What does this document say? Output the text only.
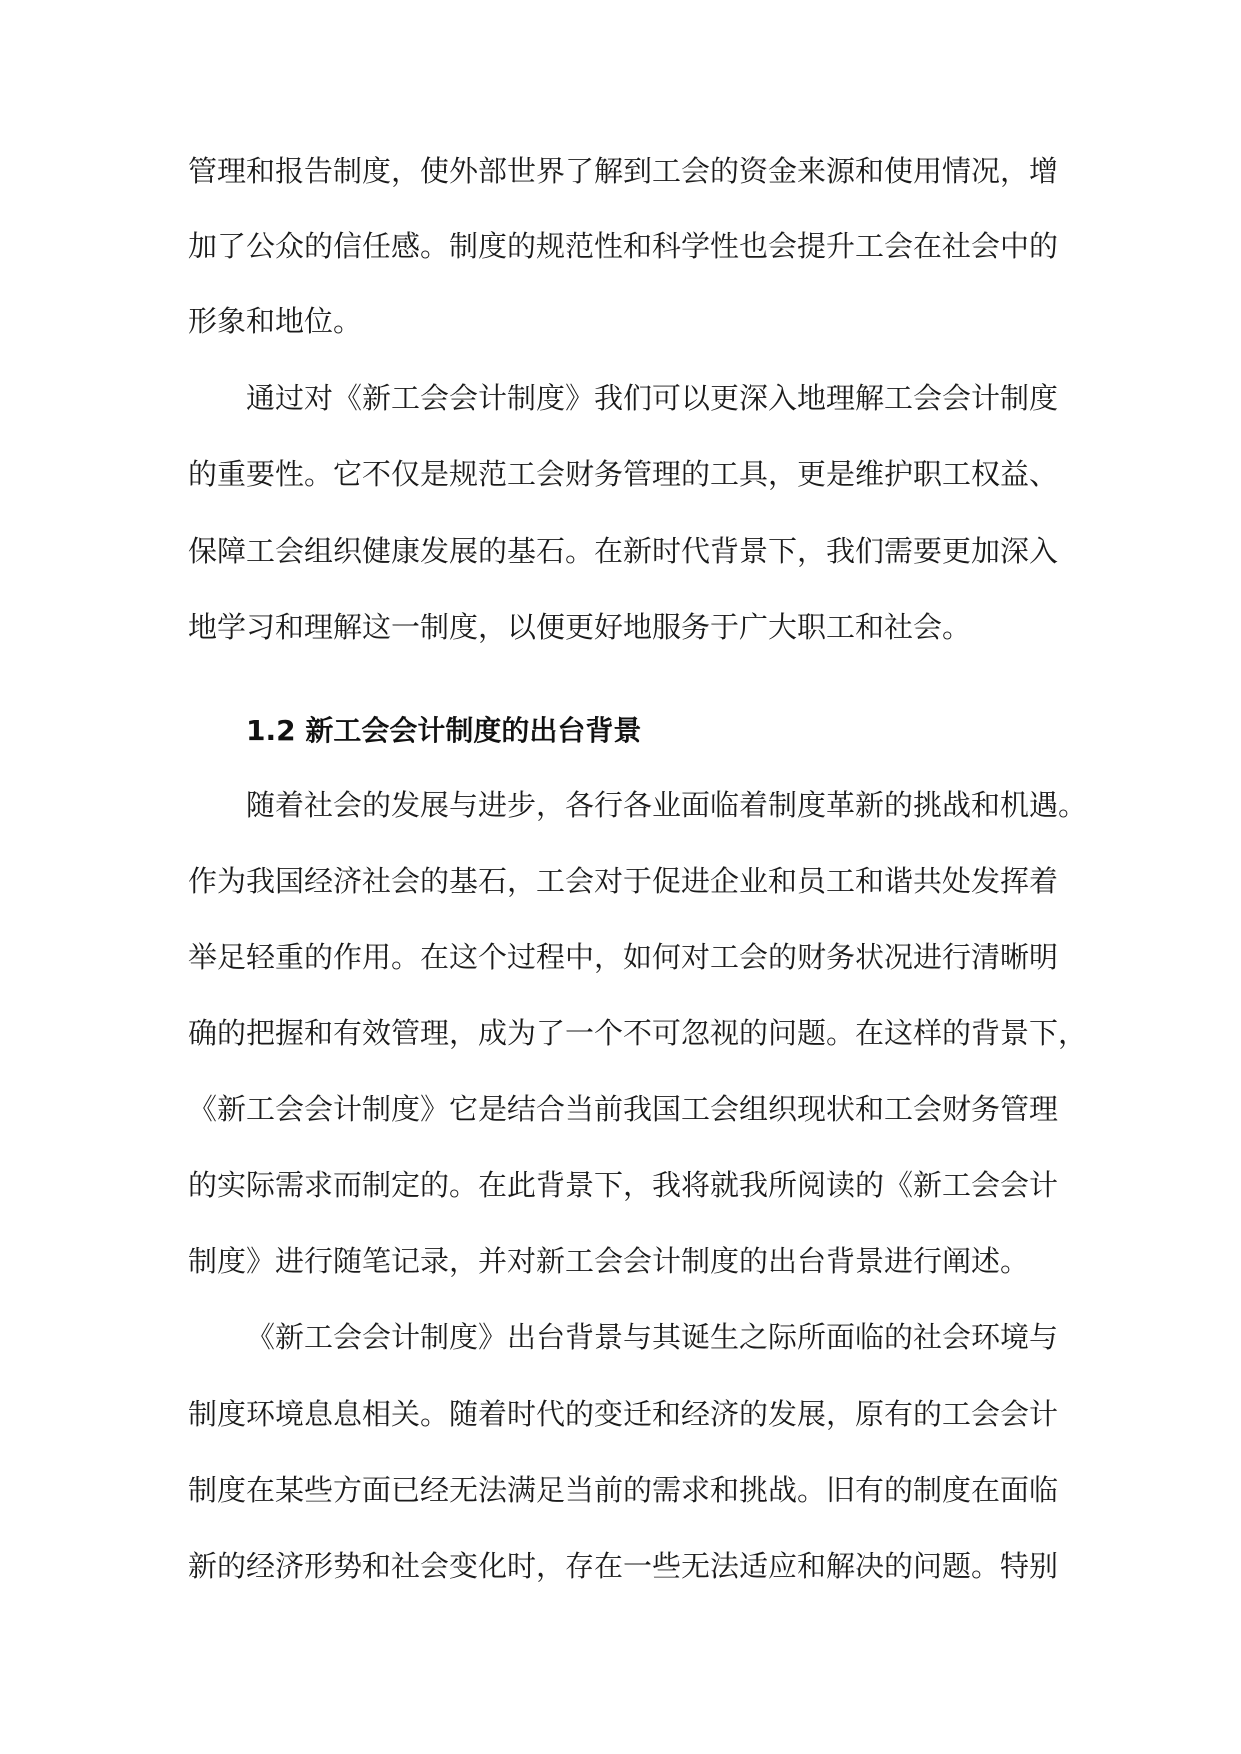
管理和报告制度，使外部世界了解到工会的资金来源和使用情况，增
加了公众的信任感。制度的规范性和科学性也会提升工会在社会中的
形象和地位。
通过对《新工会会计制度》我们可以更深入地理解工会会计制度
的重要性。它不仅是规范工会财务管理的工具，更是维护职工权益、
保障工会组织健康发展的基石。在新时代背景下，我们需要更加深入
地学习和理解这一制度，以便更好地服务于广大职工和社会。
1.2 新工会会计制度的出台背景
随着社会的发展与进步，各行各业面临着制度革新的挑战和机遇。
作为我国经济社会的基石，工会对于促进企业和员工和谐共处发挥着
举足轻重的作用。在这个过程中，如何对工会的财务状况进行清晰明
确的把握和有效管理，成为了一个不可忽视的问题。在这样的背景下，
《新工会会计制度》它是结合当前我国工会组织现状和工会财务管理
的实际需求而制定的。在此背景下，我将就我所阅读的《新工会会计
制度》进行随笔记录，并对新工会会计制度的出台背景进行阐述。
《新工会会计制度》出台背景与其诞生之际所面临的社会环境与
制度环境息息相关。随着时代的变迁和经济的发展，原有的工会会计
制度在某些方面已经无法满足当前的需求和挑战。旧有的制度在面临
新的经济形势和社会变化时，存在一些无法适应和解决的问题。特别
